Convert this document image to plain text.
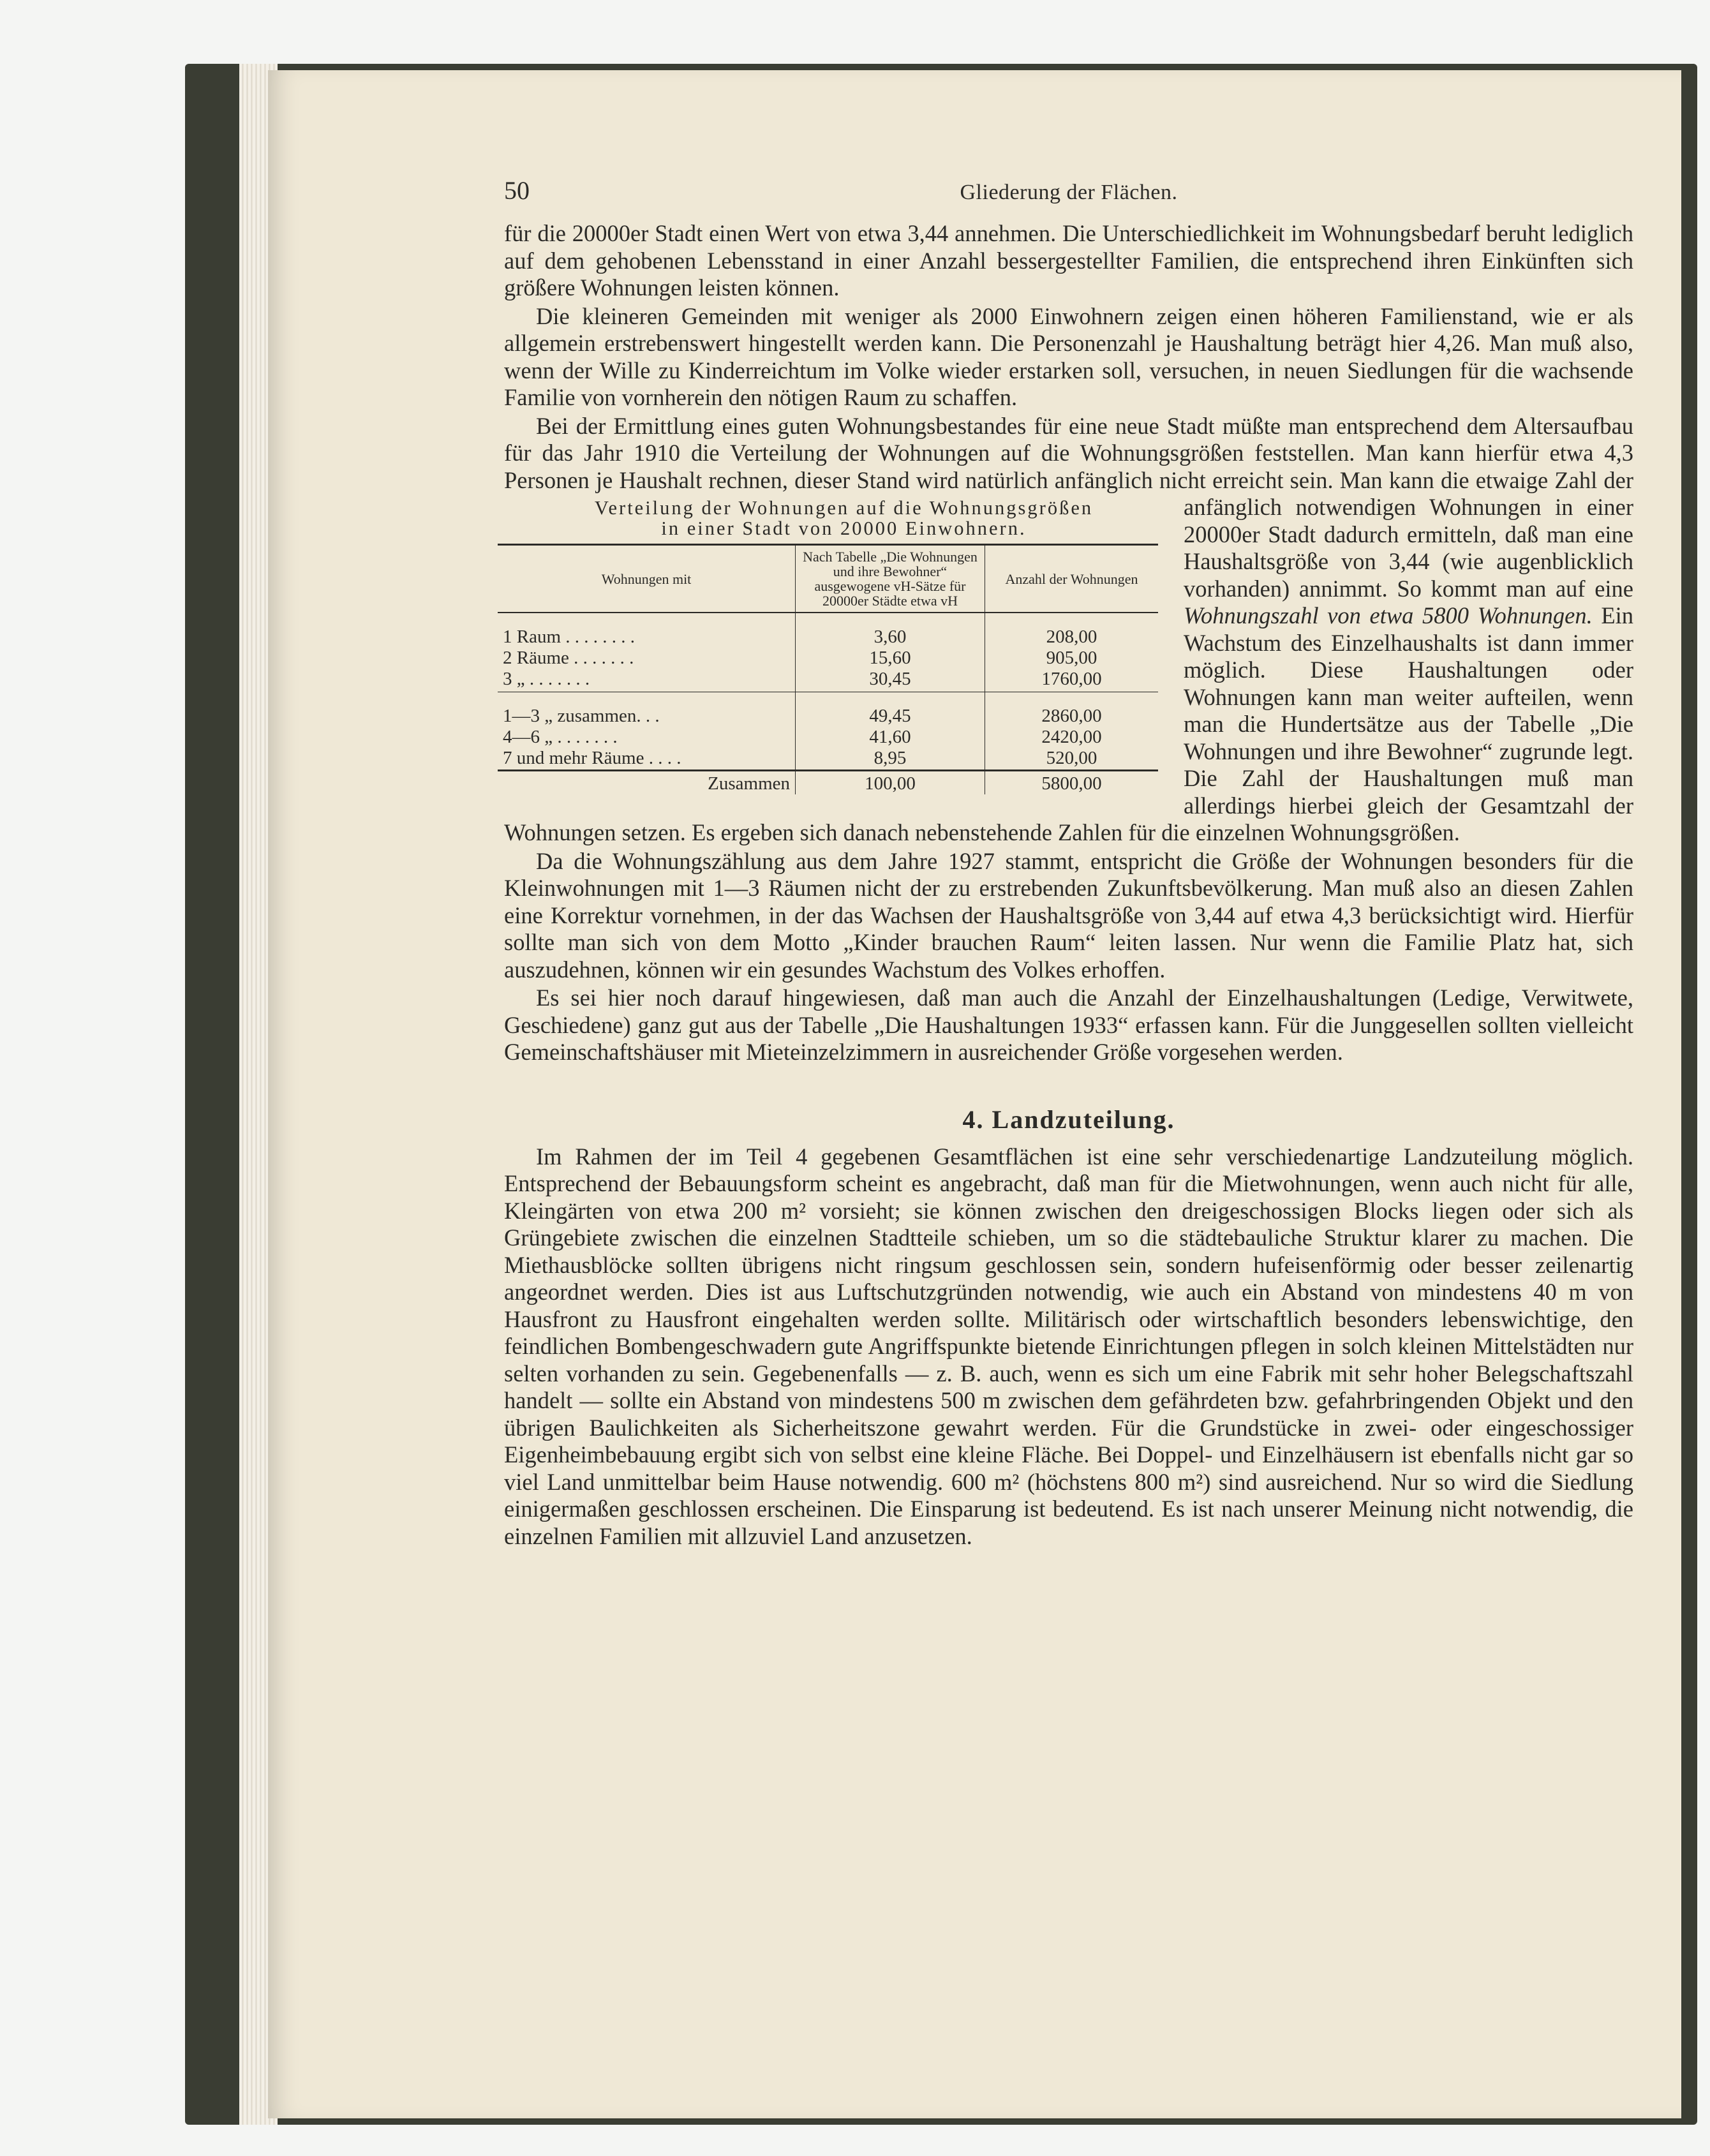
50	Gliederung der Flächen.

für die 20000er Stadt einen Wert von etwa 3,44 annehmen. Die Unterschiedlichkeit im Wohnungsbedarf beruht lediglich auf dem gehobenen Lebensstand in einer Anzahl bessergestellter Familien, die entsprechend ihren Einkünften sich größere Wohnungen leisten können.

Die kleineren Gemeinden mit weniger als 2000 Einwohnern zeigen einen höheren Familienstand, wie er als allgemein erstrebenswert hingestellt werden kann. Die Personenzahl je Haushaltung beträgt hier 4,26. Man muß also, wenn der Wille zu Kinderreichtum im Volke wieder erstarken soll, versuchen, in neuen Siedlungen für die wachsende Familie von vornherein den nötigen Raum zu schaffen.

Bei der Ermittlung eines guten Wohnungsbestandes für eine neue Stadt müßte man entsprechend dem Altersaufbau für das Jahr 1910 die Verteilung der Wohnungen auf die Wohnungsgrößen feststellen. Man kann hierfür etwa 4,3 Personen je Haushalt rechnen, dieser Stand wird natürlich anfänglich nicht erreicht sein.
Verteilung der Wohnungen auf die Wohnungsgrößen
in einer Stadt von 20000 Einwohnern.
Wohnungen mit	Nach Tabelle „Die Wohnungen und ihre Bewohner“ ausgewogene vH-Sätze für 20000er Städte etwa vH	Anzahl der Wohnungen
1 Raum . . . . . . . .	3,60	208,00
2 Räume . . . . . . .	15,60	905,00
3 „ . . . . . . .	30,45	1760,00
1—3 „ zusammen. . .	49,45	2860,00
4—6 „ . . . . . . .	41,60	2420,00
7 und mehr Räume . . . .	8,95	520,00
Zusammen	100,00	5800,00
Man kann die etwaige Zahl der anfänglich notwendigen Wohnungen in einer 20000er Stadt dadurch ermitteln, daß man eine Haushaltsgröße von 3,44 (wie augenblicklich vorhanden) annimmt. So kommt man auf eine Wohnungszahl von etwa 5800 Wohnungen. Ein Wachstum des Einzelhaushalts ist dann immer möglich. Diese Haushaltungen oder Wohnungen kann man weiter aufteilen, wenn man die Hundertsätze aus der Tabelle „Die Wohnungen und ihre Bewohner“ zugrunde legt. Die Zahl der Haushaltungen muß man allerdings hierbei gleich der Gesamtzahl der Wohnungen setzen. Es ergeben sich danach nebenstehende Zahlen für die einzelnen Wohnungsgrößen.

Da die Wohnungszählung aus dem Jahre 1927 stammt, entspricht die Größe der Wohnungen besonders für die Kleinwohnungen mit 1—3 Räumen nicht der zu erstrebenden Zukunftsbevölkerung. Man muß also an diesen Zahlen eine Korrektur vornehmen, in der das Wachsen der Haushaltsgröße von 3,44 auf etwa 4,3 berücksichtigt wird. Hierfür sollte man sich von dem Motto „Kinder brauchen Raum“ leiten lassen. Nur wenn die Familie Platz hat, sich auszudehnen, können wir ein gesundes Wachstum des Volkes erhoffen.

Es sei hier noch darauf hingewiesen, daß man auch die Anzahl der Einzelhaushaltungen (Ledige, Verwitwete, Geschiedene) ganz gut aus der Tabelle „Die Haushaltungen 1933“ erfassen kann. Für die Junggesellen sollten vielleicht Gemeinschaftshäuser mit Mieteinzelzimmern in ausreichender Größe vorgesehen werden.

4. Landzuteilung.

Im Rahmen der im Teil 4 gegebenen Gesamtflächen ist eine sehr verschiedenartige Landzuteilung möglich. Entsprechend der Bebauungsform scheint es angebracht, daß man für die Mietwohnungen, wenn auch nicht für alle, Kleingärten von etwa 200 m² vorsieht; sie können zwischen den dreigeschossigen Blocks liegen oder sich als Grüngebiete zwischen die einzelnen Stadtteile schieben, um so die städtebauliche Struktur klarer zu machen. Die Miethausblöcke sollten übrigens nicht ringsum geschlossen sein, sondern hufeisenförmig oder besser zeilenartig angeordnet werden. Dies ist aus Luftschutzgründen notwendig, wie auch ein Abstand von mindestens 40 m von Hausfront zu Hausfront eingehalten werden sollte. Militärisch oder wirtschaftlich besonders lebenswichtige, den feindlichen Bombengeschwadern gute Angriffspunkte bietende Einrichtungen pflegen in solch kleinen Mittelstädten nur selten vorhanden zu sein. Gegebenenfalls — z. B. auch, wenn es sich um eine Fabrik mit sehr hoher Belegschaftszahl handelt — sollte ein Abstand von mindestens 500 m zwischen dem gefährdeten bzw. gefahrbringenden Objekt und den übrigen Baulichkeiten als Sicherheitszone gewahrt werden. Für die Grundstücke in zwei- oder eingeschossiger Eigenheimbebauung ergibt sich von selbst eine kleine Fläche. Bei Doppel- und Einzelhäusern ist ebenfalls nicht gar so viel Land unmittelbar beim Hause notwendig. 600 m² (höchstens 800 m²) sind ausreichend. Nur so wird die Siedlung einigermaßen geschlossen erscheinen. Die Einsparung ist bedeutend. Es ist nach unserer Meinung nicht notwendig, die einzelnen Familien mit allzuviel Land anzusetzen.
